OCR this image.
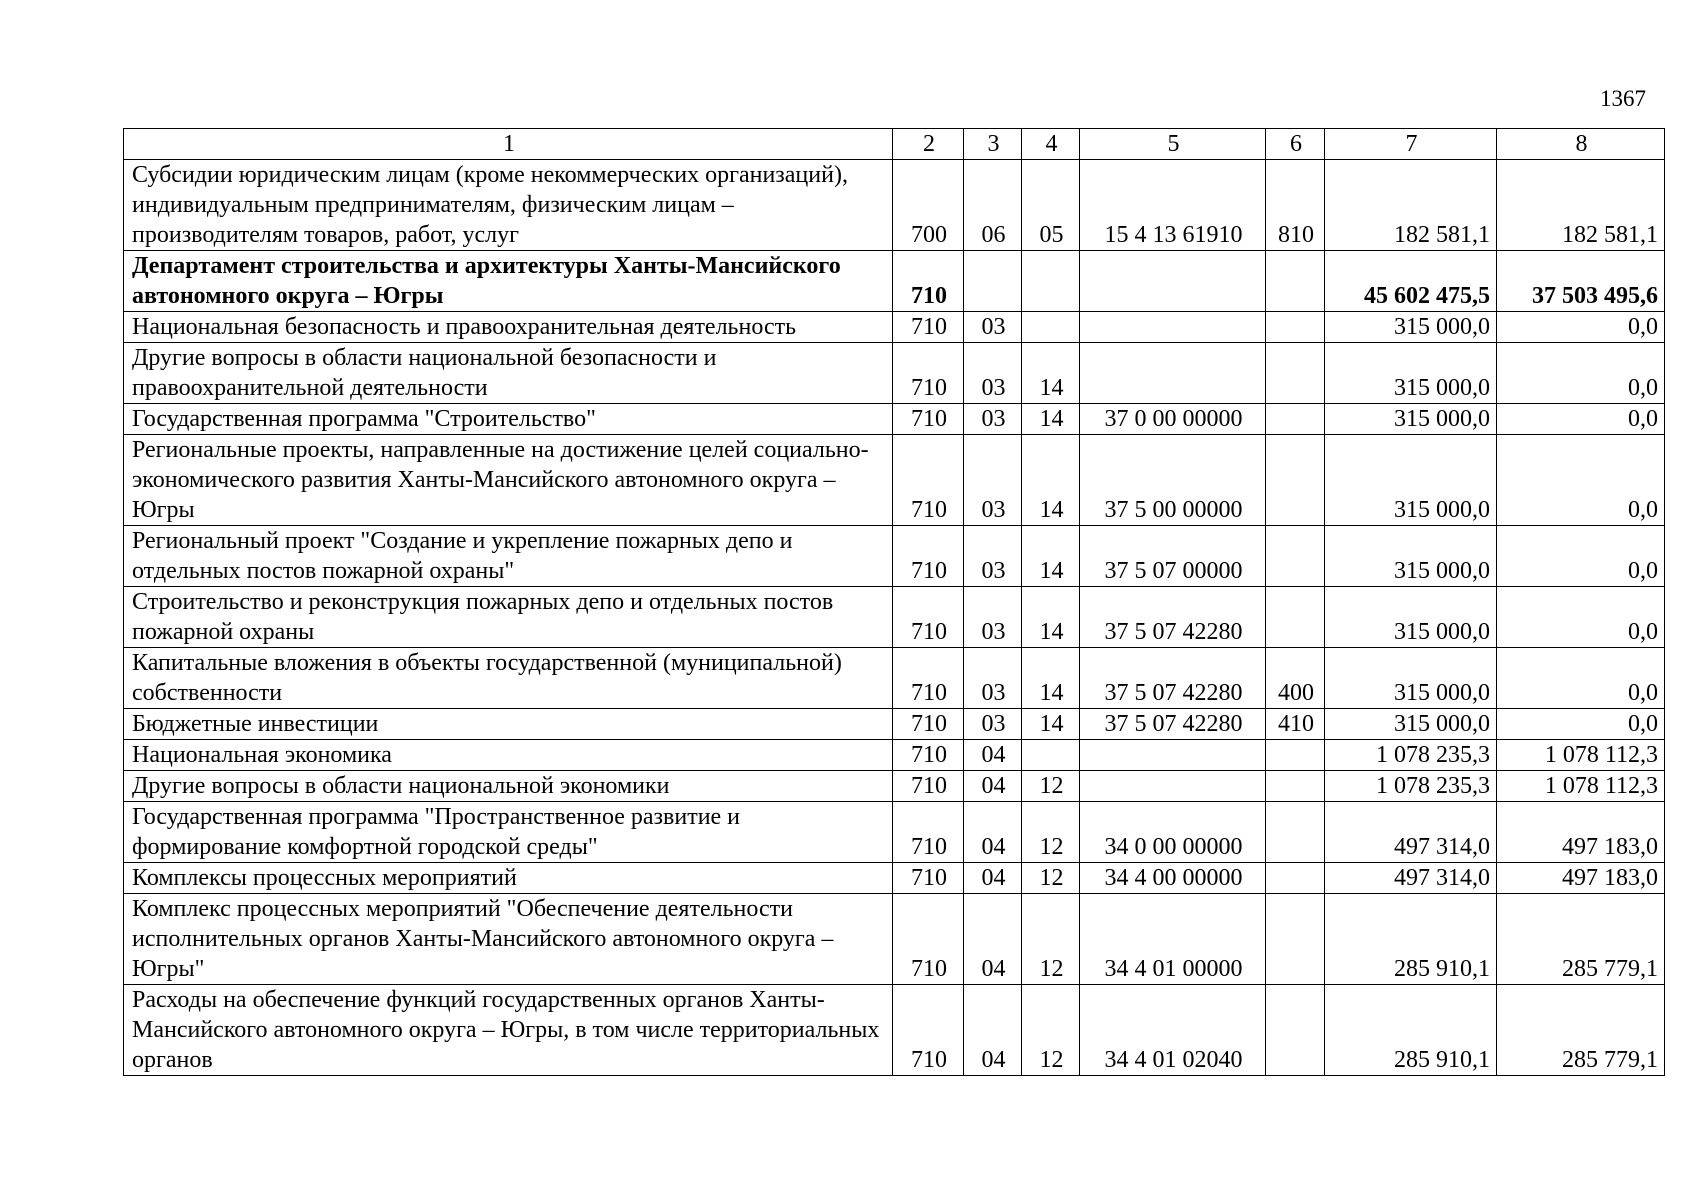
1367
1	2	3	4	5	6	7	8
Субсидии юридическим лицам (кроме некоммерческих организаций), индивидуальным предпринимателям, физическим лицам – производителям товаров, работ, услуг	700	06	05	15 4 13 61910	810	182 581,1	182 581,1
Департамент строительства и архитектуры Ханты-Мансийского автономного округа – Югры	710					45 602 475,5	37 503 495,6
Национальная безопасность и правоохранительная деятельность	710	03				315 000,0	0,0
Другие вопросы в области национальной безопасности и правоохранительной деятельности	710	03	14			315 000,0	0,0
Государственная программа "Строительство"	710	03	14	37 0 00 00000		315 000,0	0,0
Региональные проекты, направленные на достижение целей социально-экономического развития Ханты-Мансийского автономного округа – Югры	710	03	14	37 5 00 00000		315 000,0	0,0
Региональный проект "Создание и укрепление пожарных депо и отдельных постов пожарной охраны"	710	03	14	37 5 07 00000		315 000,0	0,0
Строительство и реконструкция пожарных депо и отдельных постов пожарной охраны	710	03	14	37 5 07 42280		315 000,0	0,0
Капитальные вложения в объекты государственной (муниципальной) собственности	710	03	14	37 5 07 42280	400	315 000,0	0,0
Бюджетные инвестиции	710	03	14	37 5 07 42280	410	315 000,0	0,0
Национальная экономика	710	04				1 078 235,3	1 078 112,3
Другие вопросы в области национальной экономики	710	04	12			1 078 235,3	1 078 112,3
Государственная программа "Пространственное развитие и формирование комфортной городской среды"	710	04	12	34 0 00 00000		497 314,0	497 183,0
Комплексы процессных мероприятий	710	04	12	34 4 00 00000		497 314,0	497 183,0
Комплекс процессных мероприятий "Обеспечение деятельности исполнительных органов Ханты-Мансийского автономного округа – Югры"	710	04	12	34 4 01 00000		285 910,1	285 779,1
Расходы на обеспечение функций государственных органов Ханты-Мансийского автономного округа – Югры, в том числе территориальных органов	710	04	12	34 4 01 02040		285 910,1	285 779,1
